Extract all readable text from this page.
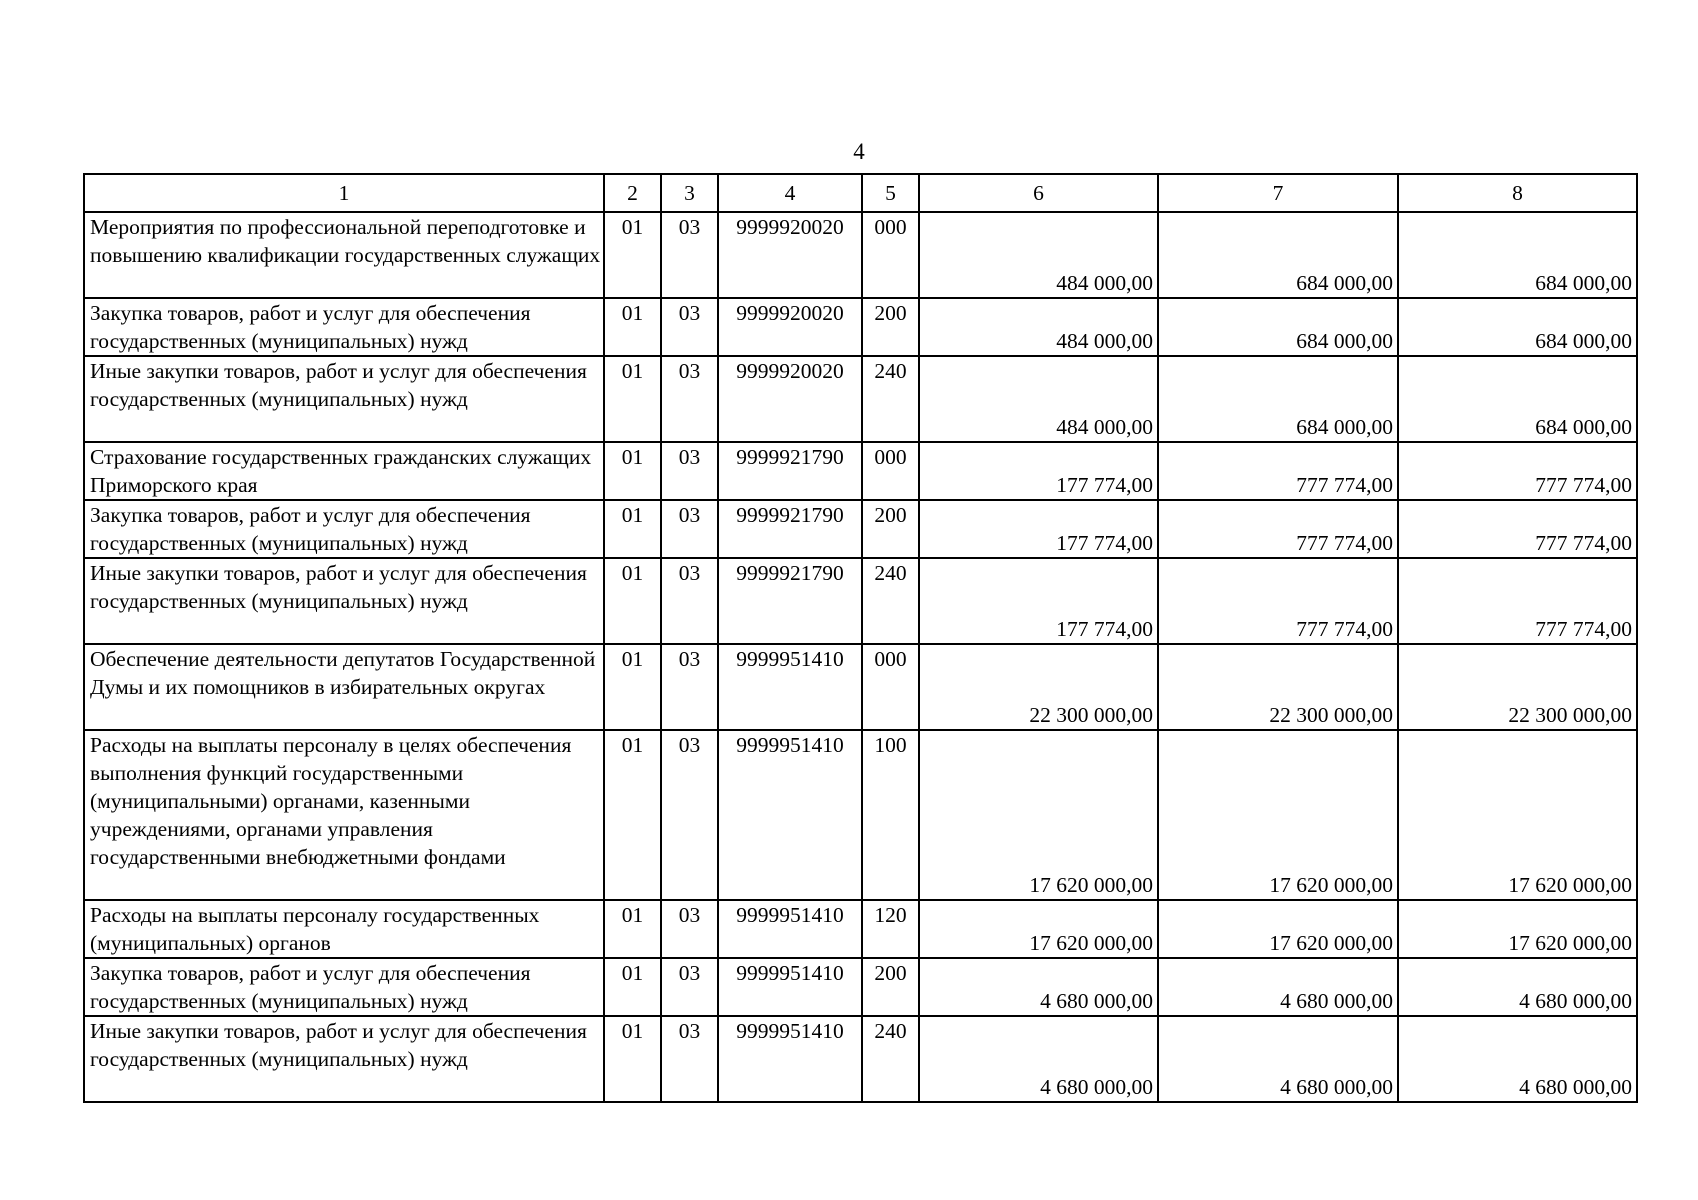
4
1	2	3	4	5	6	7	8
Мероприятия по профессиональной переподготовке и повышению квалификации государственных служащих	01	03	9999920020	000	484 000,00	684 000,00	684 000,00
Закупка товаров, работ и услуг для обеспечения государственных (муниципальных) нужд	01	03	9999920020	200	484 000,00	684 000,00	684 000,00
Иные закупки товаров, работ и услуг для обеспечения государственных (муниципальных) нужд	01	03	9999920020	240	484 000,00	684 000,00	684 000,00
Страхование государственных гражданских служащих Приморского края	01	03	9999921790	000	177 774,00	777 774,00	777 774,00
Закупка товаров, работ и услуг для обеспечения государственных (муниципальных) нужд	01	03	9999921790	200	177 774,00	777 774,00	777 774,00
Иные закупки товаров, работ и услуг для обеспечения государственных (муниципальных) нужд	01	03	9999921790	240	177 774,00	777 774,00	777 774,00
Обеспечение деятельности депутатов Государственной Думы и их помощников в избирательных округах	01	03	9999951410	000	22 300 000,00	22 300 000,00	22 300 000,00
Расходы на выплаты персоналу в целях обеспечения выполнения функций государственными (муниципальными) органами, казенными учреждениями, органами управления государственными внебюджетными фондами	01	03	9999951410	100	17 620 000,00	17 620 000,00	17 620 000,00
Расходы на выплаты персоналу государственных (муниципальных) органов	01	03	9999951410	120	17 620 000,00	17 620 000,00	17 620 000,00
Закупка товаров, работ и услуг для обеспечения государственных (муниципальных) нужд	01	03	9999951410	200	4 680 000,00	4 680 000,00	4 680 000,00
Иные закупки товаров, работ и услуг для обеспечения государственных (муниципальных) нужд	01	03	9999951410	240	4 680 000,00	4 680 000,00	4 680 000,00
